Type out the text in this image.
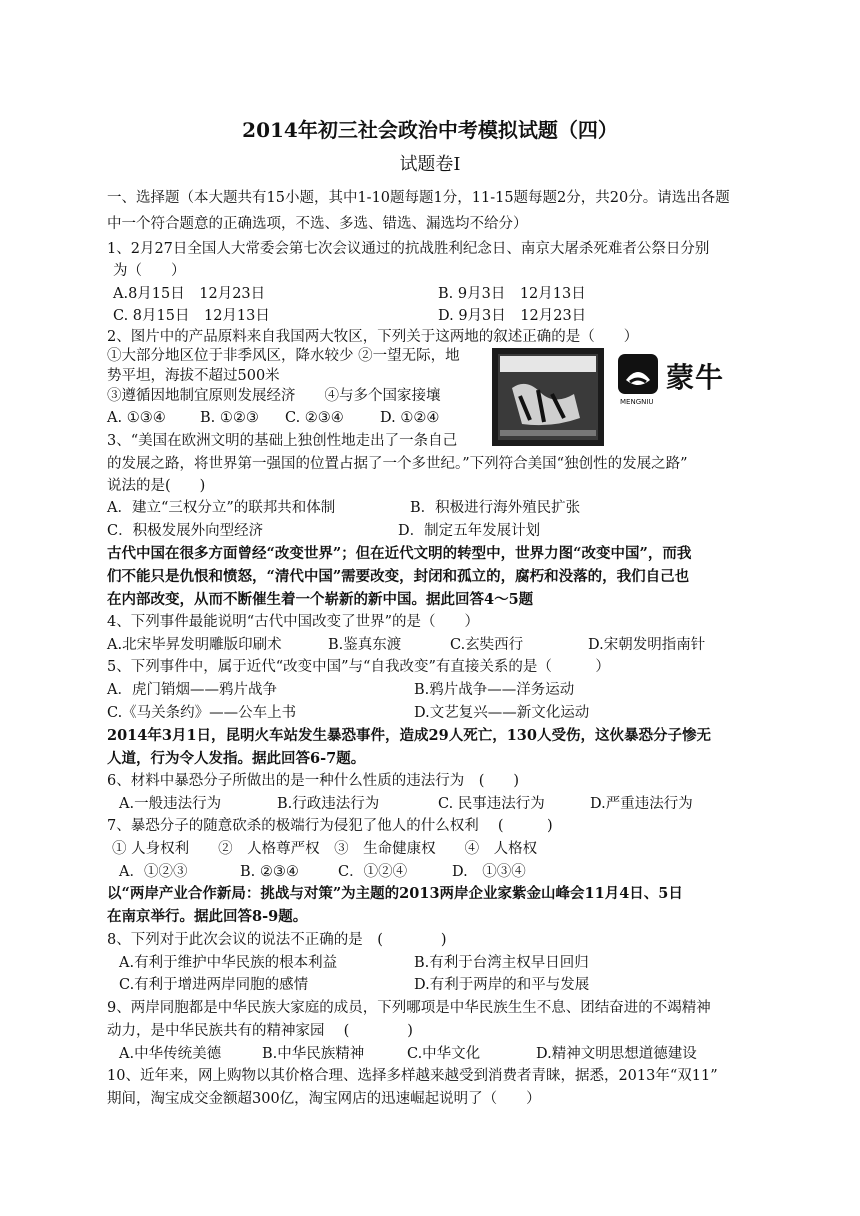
2014年初三社会政治中考模拟试题（四）
试题卷Ⅰ
一、选择题（本大题共有15小题，其中1-10题每题1分，11-15题每题2分，共20分。请选出各题
中一个符合题意的正确选项，不选、多选、错选、漏选均不给分）
1、2月27日全国人大常委会第七次会议通过的抗战胜利纪念日、南京大屠杀死难者公祭日分别
为（　　）
A.8月15日　12月23日	B. 9月3日　12月13日
C. 8月15日　12月13日	D. 9月3日　12月23日
2、图片中的产品原料来自我国两大牧区，下列关于这两地的叙述正确的是（　　）
①大部分地区位于非季风区，降水较少 ②一望无际，地
势平坦，海拔不超过500米
③遵循因地制宜原则发展经济　　④与多个国家接壤
A. ①③④ B. ①②③ C. ②③④ D. ①②④
蒙牛
MENGNIU
3、“美国在欧洲文明的基础上独创性地走出了一条自己
的发展之路，将世界第一强国的位置占据了一个多世纪。”下列符合美国“独创性的发展之路”
说法的是(　　)
A．建立“三权分立”的联邦共和体制	B．积极进行海外殖民扩张
C．积极发展外向型经济	D．制定五年发展计划
古代中国在很多方面曾经“改变世界”；但在近代文明的转型中，世界力图“改变中国”，而我
们不能只是仇恨和愤怒，“清代中国”需要改变，封闭和孤立的，腐朽和没落的，我们自己也
在内部改变，从而不断催生着一个崭新的新中国。据此回答4～5题
4、下列事件最能说明“古代中国改变了世界”的是（　　）
A.北宋毕昇发明雕版印刷术	B.鉴真东渡	C.玄奘西行	D.宋朝发明指南针
5、下列事件中，属于近代“改变中国”与“自我改变”有直接关系的是（　　　）
A．虎门销烟——鸦片战争	B.鸦片战争——洋务运动
C.《马关条约》——公车上书	D.文艺复兴——新文化运动
2014年3月1日，昆明火车站发生暴恐事件，造成29人死亡，130人受伤，这伙暴恐分子惨无
人道，行为令人发指。据此回答6-7题。
6、材料中暴恐分子所做出的是一种什么性质的违法行为　(　　)
A.一般违法行为	B.行政违法行为	C. 民事违法行为	D.严重违法行为
7、暴恐分子的随意砍杀的极端行为侵犯了他人的什么权利　 (　　　)
① 人身权利　　②　人格尊严权　③　生命健康权　　④　人格权
A．①②③	B. ②③④	C．①②④	D.　①③④
以“两岸产业合作新局：挑战与对策”为主题的2013两岸企业家紫金山峰会11月4日、5日
在南京举行。据此回答8-9题。
8、下列对于此次会议的说法不正确的是　(　　　　)
A.有利于维护中华民族的根本利益	B.有利于台湾主权早日回归
C.有利于增进两岸同胞的感情	D.有利于两岸的和平与发展
9、两岸同胞都是中华民族大家庭的成员，下列哪项是中华民族生生不息、团结奋进的不竭精神
动力，是中华民族共有的精神家园　 (　　　　)
A.中华传统美德	B.中华民族精神	C.中华文化	D.精神文明思想道德建设
10、近年来，网上购物以其价格合理、选择多样越来越受到消费者青睐，据悉，2013年“双11”
期间，淘宝成交金额超300亿，淘宝网店的迅速崛起说明了（　　）
